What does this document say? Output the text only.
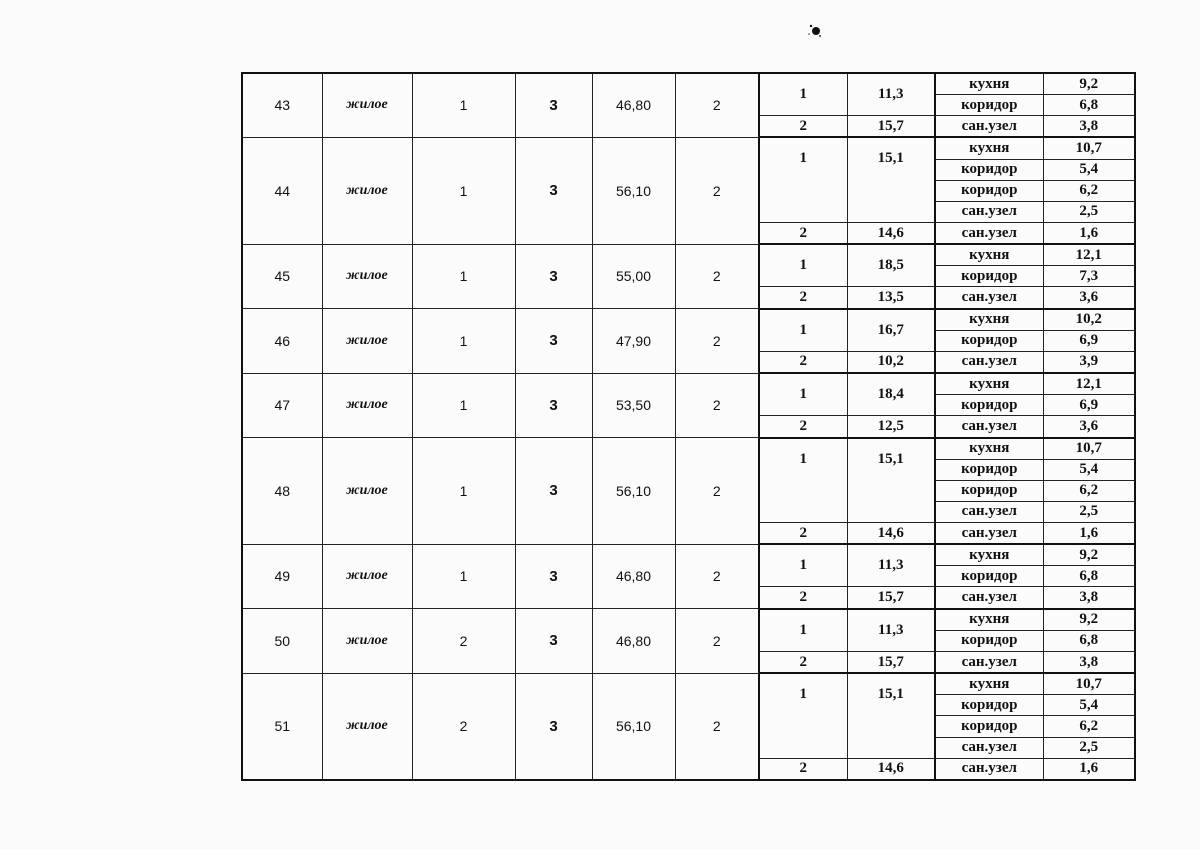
43	жилое	1	3	46,80	2	1	11,3	кухня	9,2
								коридор	6,8
						2	15,7	сан.узел	3,8
44	жилое	1	3	56,10	2	1	15,1	кухня	10,7
								коридор	5,4
								коридор	6,2
								сан.узел	2,5
						2	14,6	сан.узел	1,6
45	жилое	1	3	55,00	2	1	18,5	кухня	12,1
								коридор	7,3
						2	13,5	сан.узел	3,6
46	жилое	1	3	47,90	2	1	16,7	кухня	10,2
								коридор	6,9
						2	10,2	сан.узел	3,9
47	жилое	1	3	53,50	2	1	18,4	кухня	12,1
								коридор	6,9
						2	12,5	сан.узел	3,6
48	жилое	1	3	56,10	2	1	15,1	кухня	10,7
								коридор	5,4
								коридор	6,2
								сан.узел	2,5
						2	14,6	сан.узел	1,6
49	жилое	1	3	46,80	2	1	11,3	кухня	9,2
								коридор	6,8
						2	15,7	сан.узел	3,8
50	жилое	2	3	46,80	2	1	11,3	кухня	9,2
								коридор	6,8
						2	15,7	сан.узел	3,8
51	жилое	2	3	56,10	2	1	15,1	кухня	10,7
								коридор	5,4
								коридор	6,2
								сан.узел	2,5
						2	14,6	сан.узел	1,6
